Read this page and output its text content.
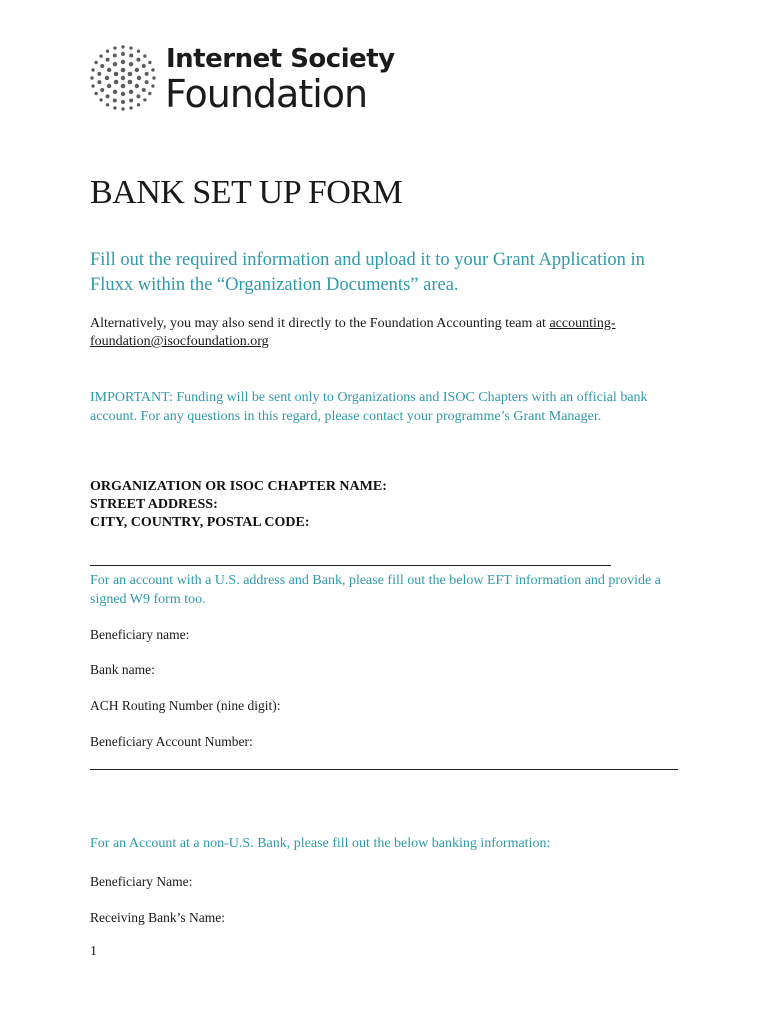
Internet Society
Foundation
BANK SET UP FORM

Fill out the required information and upload it to your Grant Application in Fluxx within the “Organization Documents” area.

Alternatively, you may also send it directly to the Foundation Accounting team at accounting-
foundation@isocfoundation.org

IMPORTANT: Funding will be sent only to Organizations and ISOC Chapters with an official bank account. For any questions in this regard, please contact your programme’s Grant Manager.

ORGANIZATION OR ISOC CHAPTER NAME:
STREET ADDRESS:
CITY, COUNTRY, POSTAL CODE:

For an account with a U.S. address and Bank, please fill out the below EFT information and provide a signed W9 form too.

Beneficiary name:
Bank name:
ACH Routing Number (nine digit):
Beneficiary Account Number:

For an Account at a non-U.S. Bank, please fill out the below banking information:

Beneficiary Name:
Receiving Bank’s Name:
1
